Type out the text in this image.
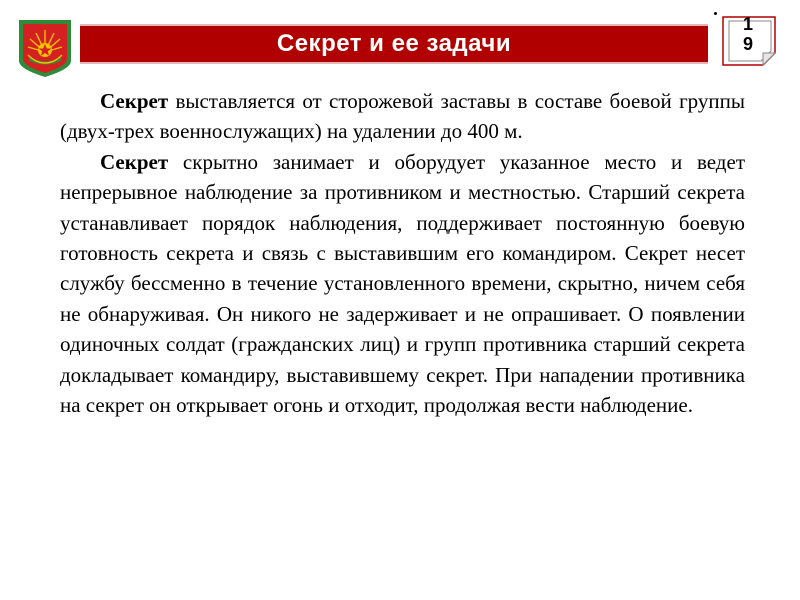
Секрет и ее задачи
1
9

Секрет выставляется от сторожевой заставы в составе боевой группы (двух-трех военнослужащих) на удалении до 400 м.

Секрет скрытно занимает и оборудует указанное место и ведет непрерывное наблюдение за противником и местностью. Старший секрета устанавливает порядок наблюдения, поддерживает постоянную боевую готовность секрета и связь с выставившим его командиром. Секрет несет службу бессменно в течение установленного времени, скрытно, ничем себя не обнаруживая. Он никого не задерживает и не опрашивает. О появлении одиночных солдат (гражданских лиц) и групп противника старший секрета докладывает командиру, выставившему секрет. При нападении противника на секрет он открывает огонь и отходит, продолжая вести наблюдение.
